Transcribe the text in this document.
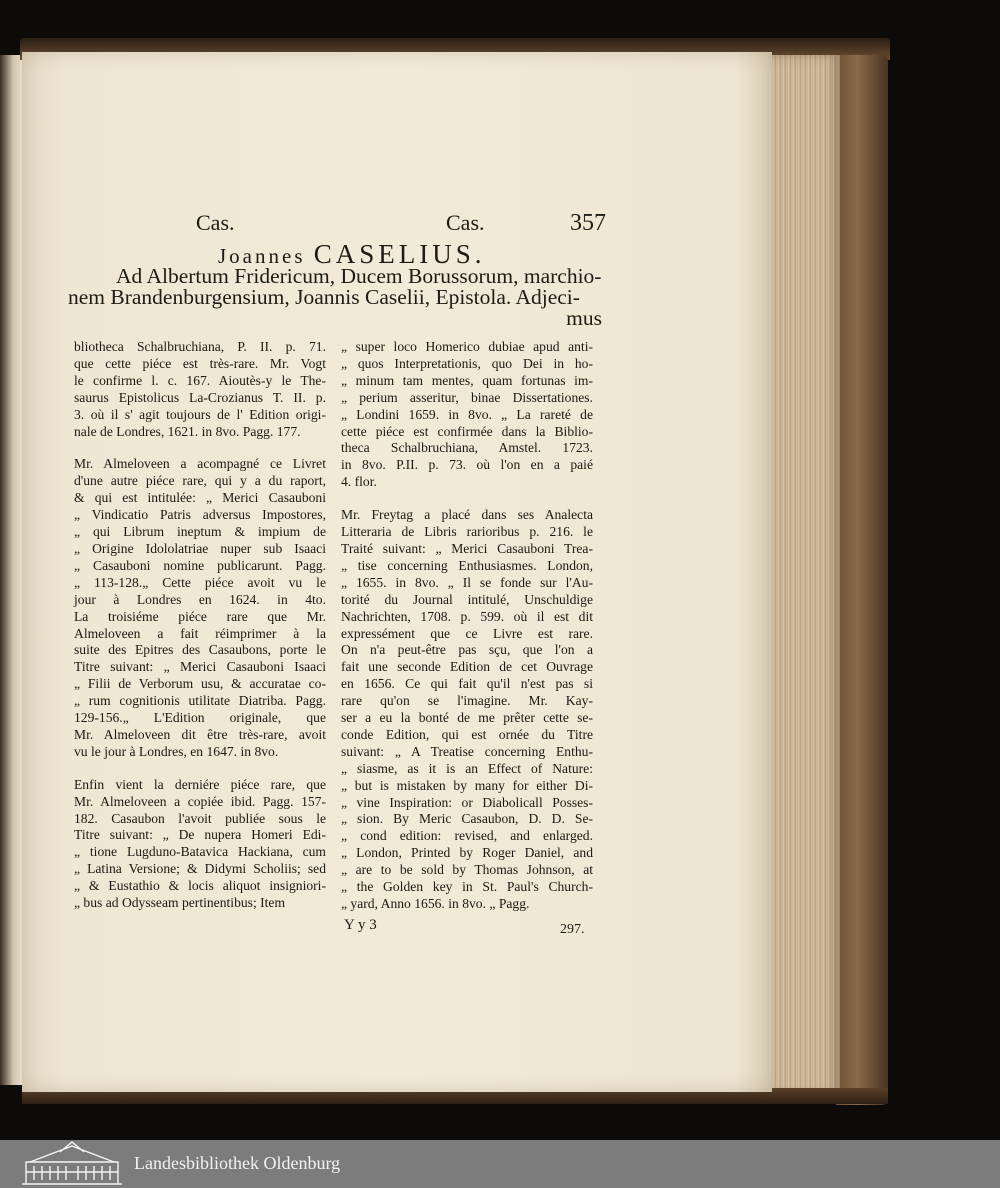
Cas.	Cas.	357
Joannes CASELIUS.
Ad Albertum Fridericum, Ducem Borussorum, marchio-
nem Brandenburgensium, Joannis Caselii, Epistola. Adjeci-
mus
bliotheca Schalbruchiana, P. II. p. 71.
que cette piéce est très-rare. Mr. Vogt
le confirme l. c. 167. Aioutès-y le The-
saurus Epistolicus La-Crozianus T. II. p.
3. où il s' agit toujours de l' Edition origi-
nale de Londres, 1621. in 8vo. Pagg. 177.
Mr. Almeloveen a acompagné ce Livret
d'une autre piéce rare, qui y a du raport,
& qui est intitulée: „ Merici Casauboni
„ Vindicatio Patris adversus Impostores,
„ qui Librum ineptum & impium de
„ Origine Idololatriae nuper sub Isaaci
„ Casauboni nomine publicarunt. Pagg.
„ 113-128.„ Cette piéce avoit vu le
jour à Londres en 1624. in 4to.
La troisiéme piéce rare que Mr.
Almeloveen a fait réimprimer à la
suite des Epitres des Casaubons, porte le
Titre suivant: „ Merici Casauboni Isaaci
„ Filii de Verborum usu, & accuratae co-
„ rum cognitionis utilitate Diatriba. Pagg.
129-156.„ L'Edition originale, que
Mr. Almeloveen dit être très-rare, avoit
vu le jour à Londres, en 1647. in 8vo.
Enfin vient la derniére piéce rare, que
Mr. Almeloveen a copiée ibid. Pagg. 157-
182. Casaubon l'avoit publiée sous le
Titre suivant: „ De nupera Homeri Edi-
„ tione Lugduno-Batavica Hackiana, cum
„ Latina Versione; & Didymi Scholiis; sed
„ & Eustathio & locis aliquot insigniori-
„ bus ad Odysseam pertinentibus; Item
„ super loco Homerico dubiae apud anti-
„ quos Interpretationis, quo Dei in ho-
„ minum tam mentes, quam fortunas im-
„ perium asseritur, binae Dissertationes.
„ Londini 1659. in 8vo. „ La rareté de
cette piéce est confirmée dans la Biblio-
theca Schalbruchiana, Amstel. 1723.
in 8vo. P.II. p. 73. où l'on en a paié
4. flor.
Mr. Freytag a placé dans ses Analecta
Litteraria de Libris rarioribus p. 216. le
Traité suivant: „ Merici Casauboni Trea-
„ tise concerning Enthusiasmes. London,
„ 1655. in 8vo. „ Il se fonde sur l'Au-
torité du Journal intitulé, Unschuldige
Nachrichten, 1708. p. 599. où il est dit
expressément que ce Livre est rare.
On n'a peut-être pas sçu, que l'on a
fait une seconde Edition de cet Ouvrage
en 1656. Ce qui fait qu'il n'est pas si
rare qu'on se l'imagine. Mr. Kay-
ser a eu la bonté de me prêter cette se-
conde Edition, qui est ornée du Titre
suivant: „ A Treatise concerning Enthu-
„ siasme, as it is an Effect of Nature:
„ but is mistaken by many for either Di-
„ vine Inspiration: or Diabolicall Posses-
„ sion. By Meric Casaubon, D. D. Se-
„ cond edition: revised, and enlarged.
„ London, Printed by Roger Daniel, and
„ are to be sold by Thomas Johnson, at
„ the Golden key in St. Paul's Church-
„ yard, Anno 1656. in 8vo. „ Pagg.
Y y 3	297.
Landesbibliothek Oldenburg
